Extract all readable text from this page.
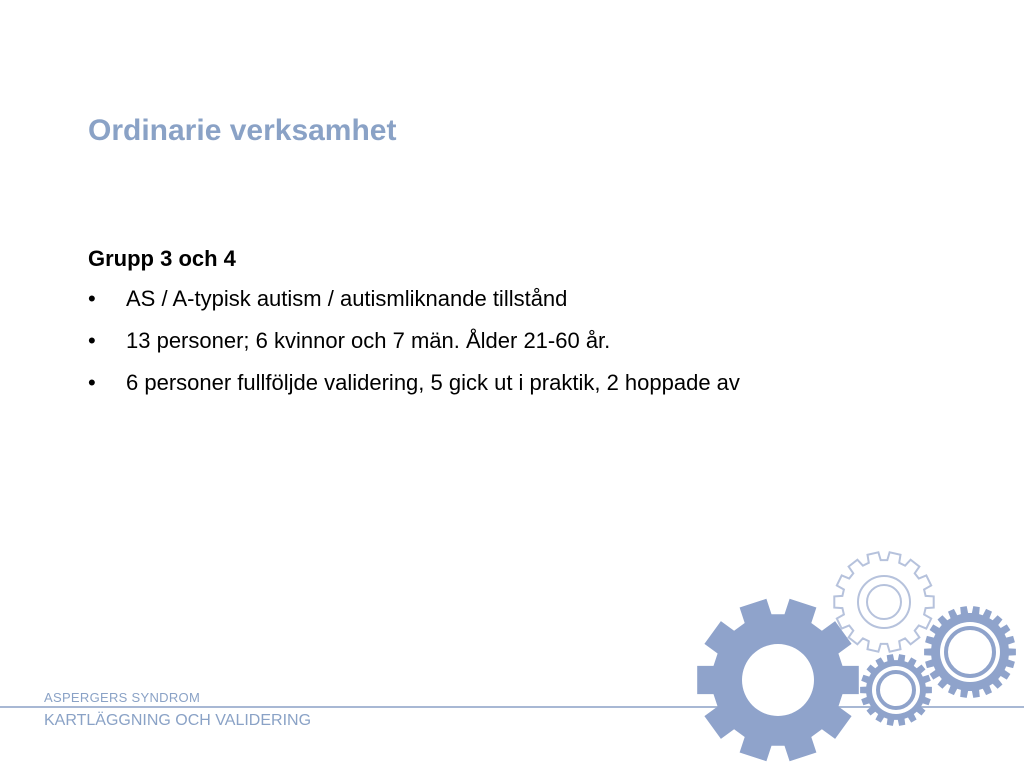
Ordinarie verksamhet
Grupp 3 och 4
• AS / A-typisk autism / autismliknande tillstånd
• 13 personer; 6 kvinnor och 7 män. Ålder 21-60 år.
• 6 personer fullföljde validering, 5 gick ut i praktik, 2 hoppade av
ASPERGERS SYNDROM
KARTLÄGGNING OCH VALIDERING
